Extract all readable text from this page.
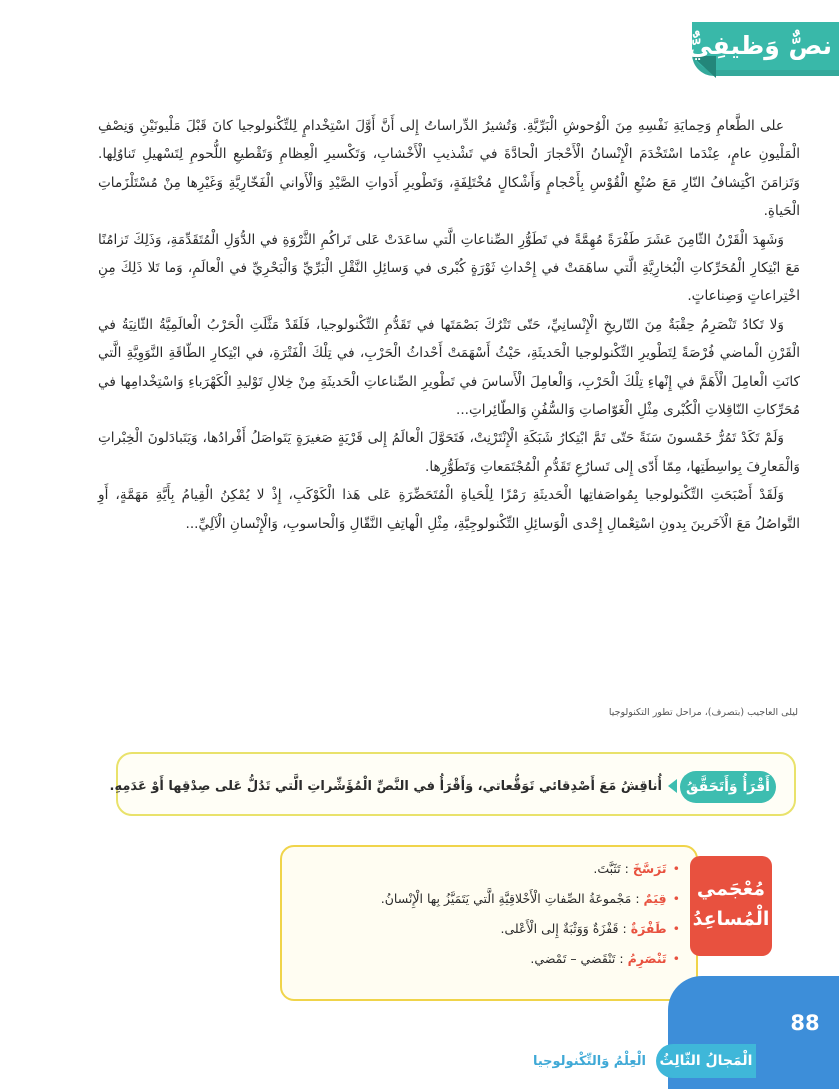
نصٌّ وَظيفِيٌّ

على الطَّعامِ وَحِمايَةِ نَفْسِهِ مِنَ الْوُحوشِ الْبَرِّيَّةِ. وَتُشيرُ الدِّراساتُ إِلى أَنَّ أَوَّلَ اسْتِخْدامٍ لِلتِّكْنولوجيا كانَ قَبْلَ مَلْيونَيْنِ وَنِصْفِ الْمَلْيونِ عامٍ، عِنْدَما اسْتَخْدَمَ الْإِنْسانُ الْأَحْجارَ الْحادَّةَ في تَشْذيبِ الْأَخْشابِ، وَتَكْسيرِ الْعِظامِ وَتَقْطيعِ اللُّحومِ لِتَسْهيلِ تَناوُلِها. وَتَزامَنَ اكْتِشافُ النّارِ مَعَ صُنْعِ الْقُوْسِ بِأَحْجامٍ وَأَشْكالٍ مُخْتَلِفَةٍ، وَتَطْويرِ أَدَواتِ الصَّيْدِ وَالْأَواني الْفَخّارِيَّةِ وَغَيْرِها مِنْ مُسْتَلْزَماتِ الْحَياةِ.

وَشَهِدَ الْقَرْنُ الثّامِنَ عَشَرَ طَفْرَةً مُهِمَّةً في تَطَوُّرِ الصِّناعاتِ الَّتي ساعَدَتْ عَلى تَراكُمِ الثَّرْوَةِ في الدُّوَلِ الْمُتَقَدِّمَةِ، وَذَلِكَ تَزامُنًا مَعَ ابْتِكارِ الْمُحَرِّكاتِ الْبُخارِيَّةِ الَّتي ساهَمَتْ في إِحْداثِ ثَوْرَةٍ كُبْرى في وَسائِلِ النَّقْلِ الْبَرِّيِّ وَالْبَحْرِيِّ في الْعالَمِ، وَما تَلا ذَلِكَ مِنِ اخْتِراعاتٍ وَصِناعاتٍ.

وَلا تَكادُ تَنْصَرِمُ حِقْبَةٌ مِنَ التّاريخِ الْإِنْسانِيِّ، حَتّى تَتْرُكَ بَصْمَتَها في تَقَدُّمِ التِّكْنولوجيا، فَلَقَدْ مَثَّلَتِ الْحَرْبُ الْعالَمِيَّةُ الثّانِيَةُ في الْقَرْنِ الْماضي فُرْصَةً لِتَطْويرِ التِّكْنولوجيا الْحَديثَةِ، حَيْثُ أَسْهَمَتْ أَحْداثُ الْحَرْبِ، في تِلْكَ الْفَتْرَةِ، في ابْتِكارِ الطّاقَةِ النَّوَوِيَّةِ الَّتي كانَتِ الْعامِلَ الْأَهَمَّ في إِنْهاءِ تِلْكَ الْحَرْبِ، وَالْعامِلَ الْأَساسَ في تَطْويرِ الصِّناعاتِ الْحَديثَةِ مِنْ خِلالِ تَوْليدِ الْكَهْرَباءِ وَاسْتِخْدامِها في مُحَرِّكاتِ النّاقِلاتِ الْكُبْرى مِثْلِ الْغَوّاصاتِ وَالسُّفُنِ وَالطّائِراتِ...

وَلَمْ تَكَدْ تَمُرُّ خَمْسونَ سَنَةً حَتّى تَمَّ ابْتِكارُ شَبَكَةِ الْإِنْتَرْنِتْ، فَتَحَوَّلَ الْعالَمُ إِلى قَرْيَةٍ صَغيرَةٍ يَتَواصَلُ أَفْرادُها، وَيَتَبادَلونَ الْخِبْراتِ وَالْمَعارِفَ بِواسِطَتِها، مِمّا أَدّى إِلى تَسارُعِ تَقَدُّمِ الْمُجْتَمَعاتِ وَتَطَوُّرِها.

وَلَقَدْ أَصْبَحَتِ التِّكْنولوجيا بِمُواصَفاتِها الْحَديثَةِ رَمْزًا لِلْحَياةِ الْمُتَحَضِّرَةِ عَلى هَذا الْكَوْكَبِ، إِذْ لا يُمْكِنُ الْقِيامُ بِأَيَّةِ مَهَمَّةٍ، أَوِ التَّواصُلُ مَعَ الْآخَرينَ بِدونِ اسْتِعْمالِ إِحْدى الْوَسائِلِ التِّكْنولوجِيَّةِ، مِثْلِ الْهاتِفِ النَّقّالِ وَالْحاسوبِ، وَالْإِنْسانِ الْآلِيِّ...

ليلى العاجيب (بتصرف)، مراحل تطور التكنولوجيا
أَقْرَأُ وَأَتَحَقَّقُ
أُناقِشُ مَعَ أَصْدِقائي تَوَقُّعاتي، وَأَقْرَأُ في النَّصِّ الْمُؤَشِّراتِ الَّتي تَدُلُّ عَلى صِدْقِها أَوْ عَدَمِهِ.
مُعْجَمي
الْمُساعِدُ
•تَرَسَّخَ : تَثَبَّتَ.
•قِيَمٌ : مَجْموعَةُ الصِّفاتِ الْأَخْلاقِيَّةِ الَّتي يَتَمَيَّزُ بِها الْإِنْسانُ.
•طَفْرَةٌ : قَفْزَةٌ وَوَثْبَةٌ إِلى الْأَعْلى.
•تَنْصَرِمُ : تَنْقَضي – تَمْضي.
88
الْمَجالُ الثّالِثُ
الْعِلْمُ وَالتِّكْنولوجيا
